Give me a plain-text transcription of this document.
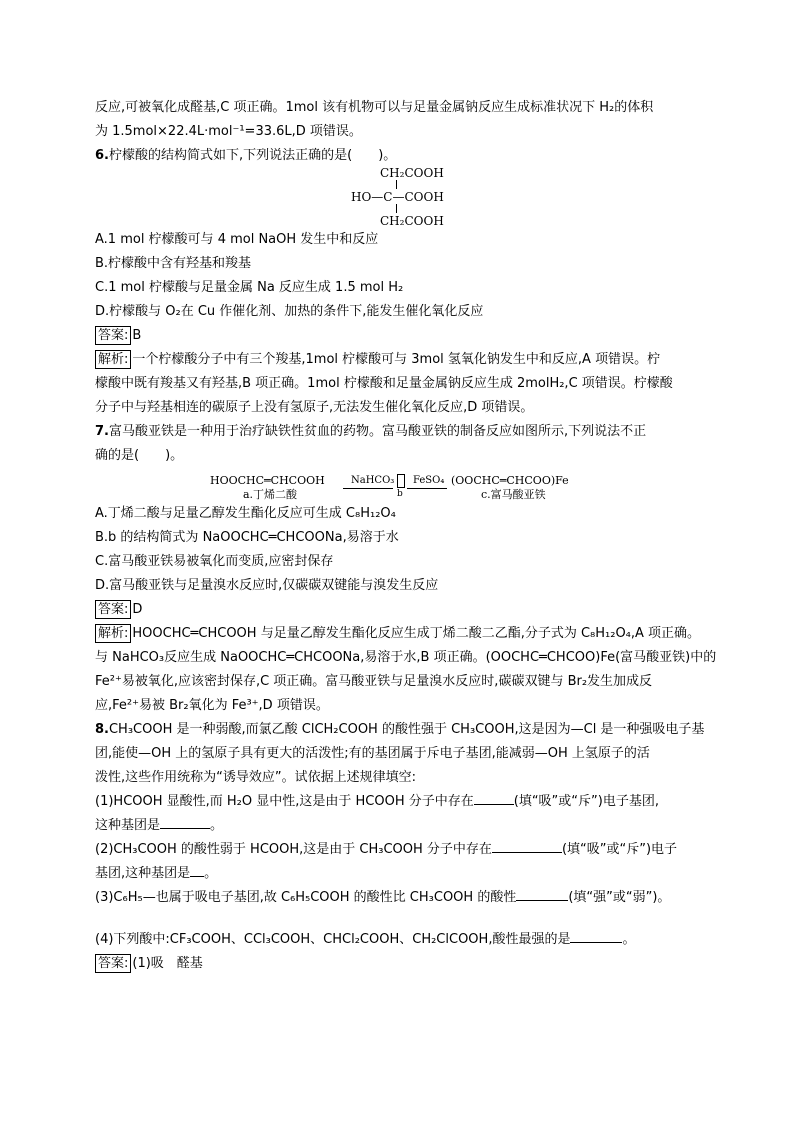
反应,可被氧化成醛基,C 项正确。1mol 该有机物可以与足量金属钠反应生成标准状况下 H₂的体积
为 1.5mol×22.4L·mol⁻¹=33.6L,D 项错误。
6.柠檬酸的结构简式如下,下列说法正确的是(　　)。
CH₂COOH
HO—C—COOH
CH₂COOH
A.1 mol 柠檬酸可与 4 mol NaOH 发生中和反应
B.柠檬酸中含有羟基和羧基
C.1 mol 柠檬酸与足量金属 Na 反应生成 1.5 mol H₂
D.柠檬酸与 O₂在 Cu 作催化剂、加热的条件下,能发生催化氧化反应
答案: B
解析: 一个柠檬酸分子中有三个羧基,1mol 柠檬酸可与 3mol 氢氧化钠发生中和反应,A 项错误。柠
檬酸中既有羧基又有羟基,B 项正确。1mol 柠檬酸和足量金属钠反应生成 2molH₂,C 项错误。柠檬酸
分子中与羟基相连的碳原子上没有氢原子,无法发生催化氧化反应,D 项错误。
7.富马酸亚铁是一种用于治疗缺铁性贫血的药物。富马酸亚铁的制备反应如图所示,下列说法不正
确的是(　　)。
HOOCHC═CHCOOH
a.丁烯二酸
NaHCO₃
b
FeSO₄ (OOCHC═CHCOO)Fe
c.富马酸亚铁
A.丁烯二酸与足量乙醇发生酯化反应可生成 C₈H₁₂O₄
B.b 的结构简式为 NaOOCHC═CHCOONa,易溶于水
C.富马酸亚铁易被氧化而变质,应密封保存
D.富马酸亚铁与足量溴水反应时,仅碳碳双键能与溴发生反应
答案: D
解析: HOOCHC═CHCOOH 与足量乙醇发生酯化反应生成丁烯二酸二乙酯,分子式为 C₈H₁₂O₄,A 项正确。
与 NaHCO₃反应生成 NaOOCHC═CHCOONa,易溶于水,B 项正确。(OOCHC═CHCOO)Fe(富马酸亚铁)中的
Fe²⁺易被氧化,应该密封保存,C 项正确。富马酸亚铁与足量溴水反应时,碳碳双键与 Br₂发生加成反
应,Fe²⁺易被 Br₂氧化为 Fe³⁺,D 项错误。
8.CH₃COOH 是一种弱酸,而氯乙酸 ClCH₂COOH 的酸性强于 CH₃COOH,这是因为—Cl 是一种强吸电子基
团,能使—OH 上的氢原子具有更大的活泼性;有的基团属于斥电子基团,能减弱—OH 上氢原子的活
泼性,这些作用统称为“诱导效应”。试依据上述规律填空:
(1)HCOOH 显酸性,而 H₂O 显中性,这是由于 HCOOH 分子中存在	(填“吸”或“斥”)电子基团,
这种基团是	。
(2)CH₃COOH 的酸性弱于 HCOOH,这是由于 CH₃COOH 分子中存在	(填“吸”或“斥”)电子
基团,这种基团是 。
(3)C₆H₅—也属于吸电子基团,故 C₆H₅COOH 的酸性比 CH₃COOH 的酸性	(填“强”或“弱”)。
(4)下列酸中:CF₃COOH、CCl₃COOH、CHCl₂COOH、CH₂ClCOOH,酸性最强的是	。
答案: (1)吸　醛基
